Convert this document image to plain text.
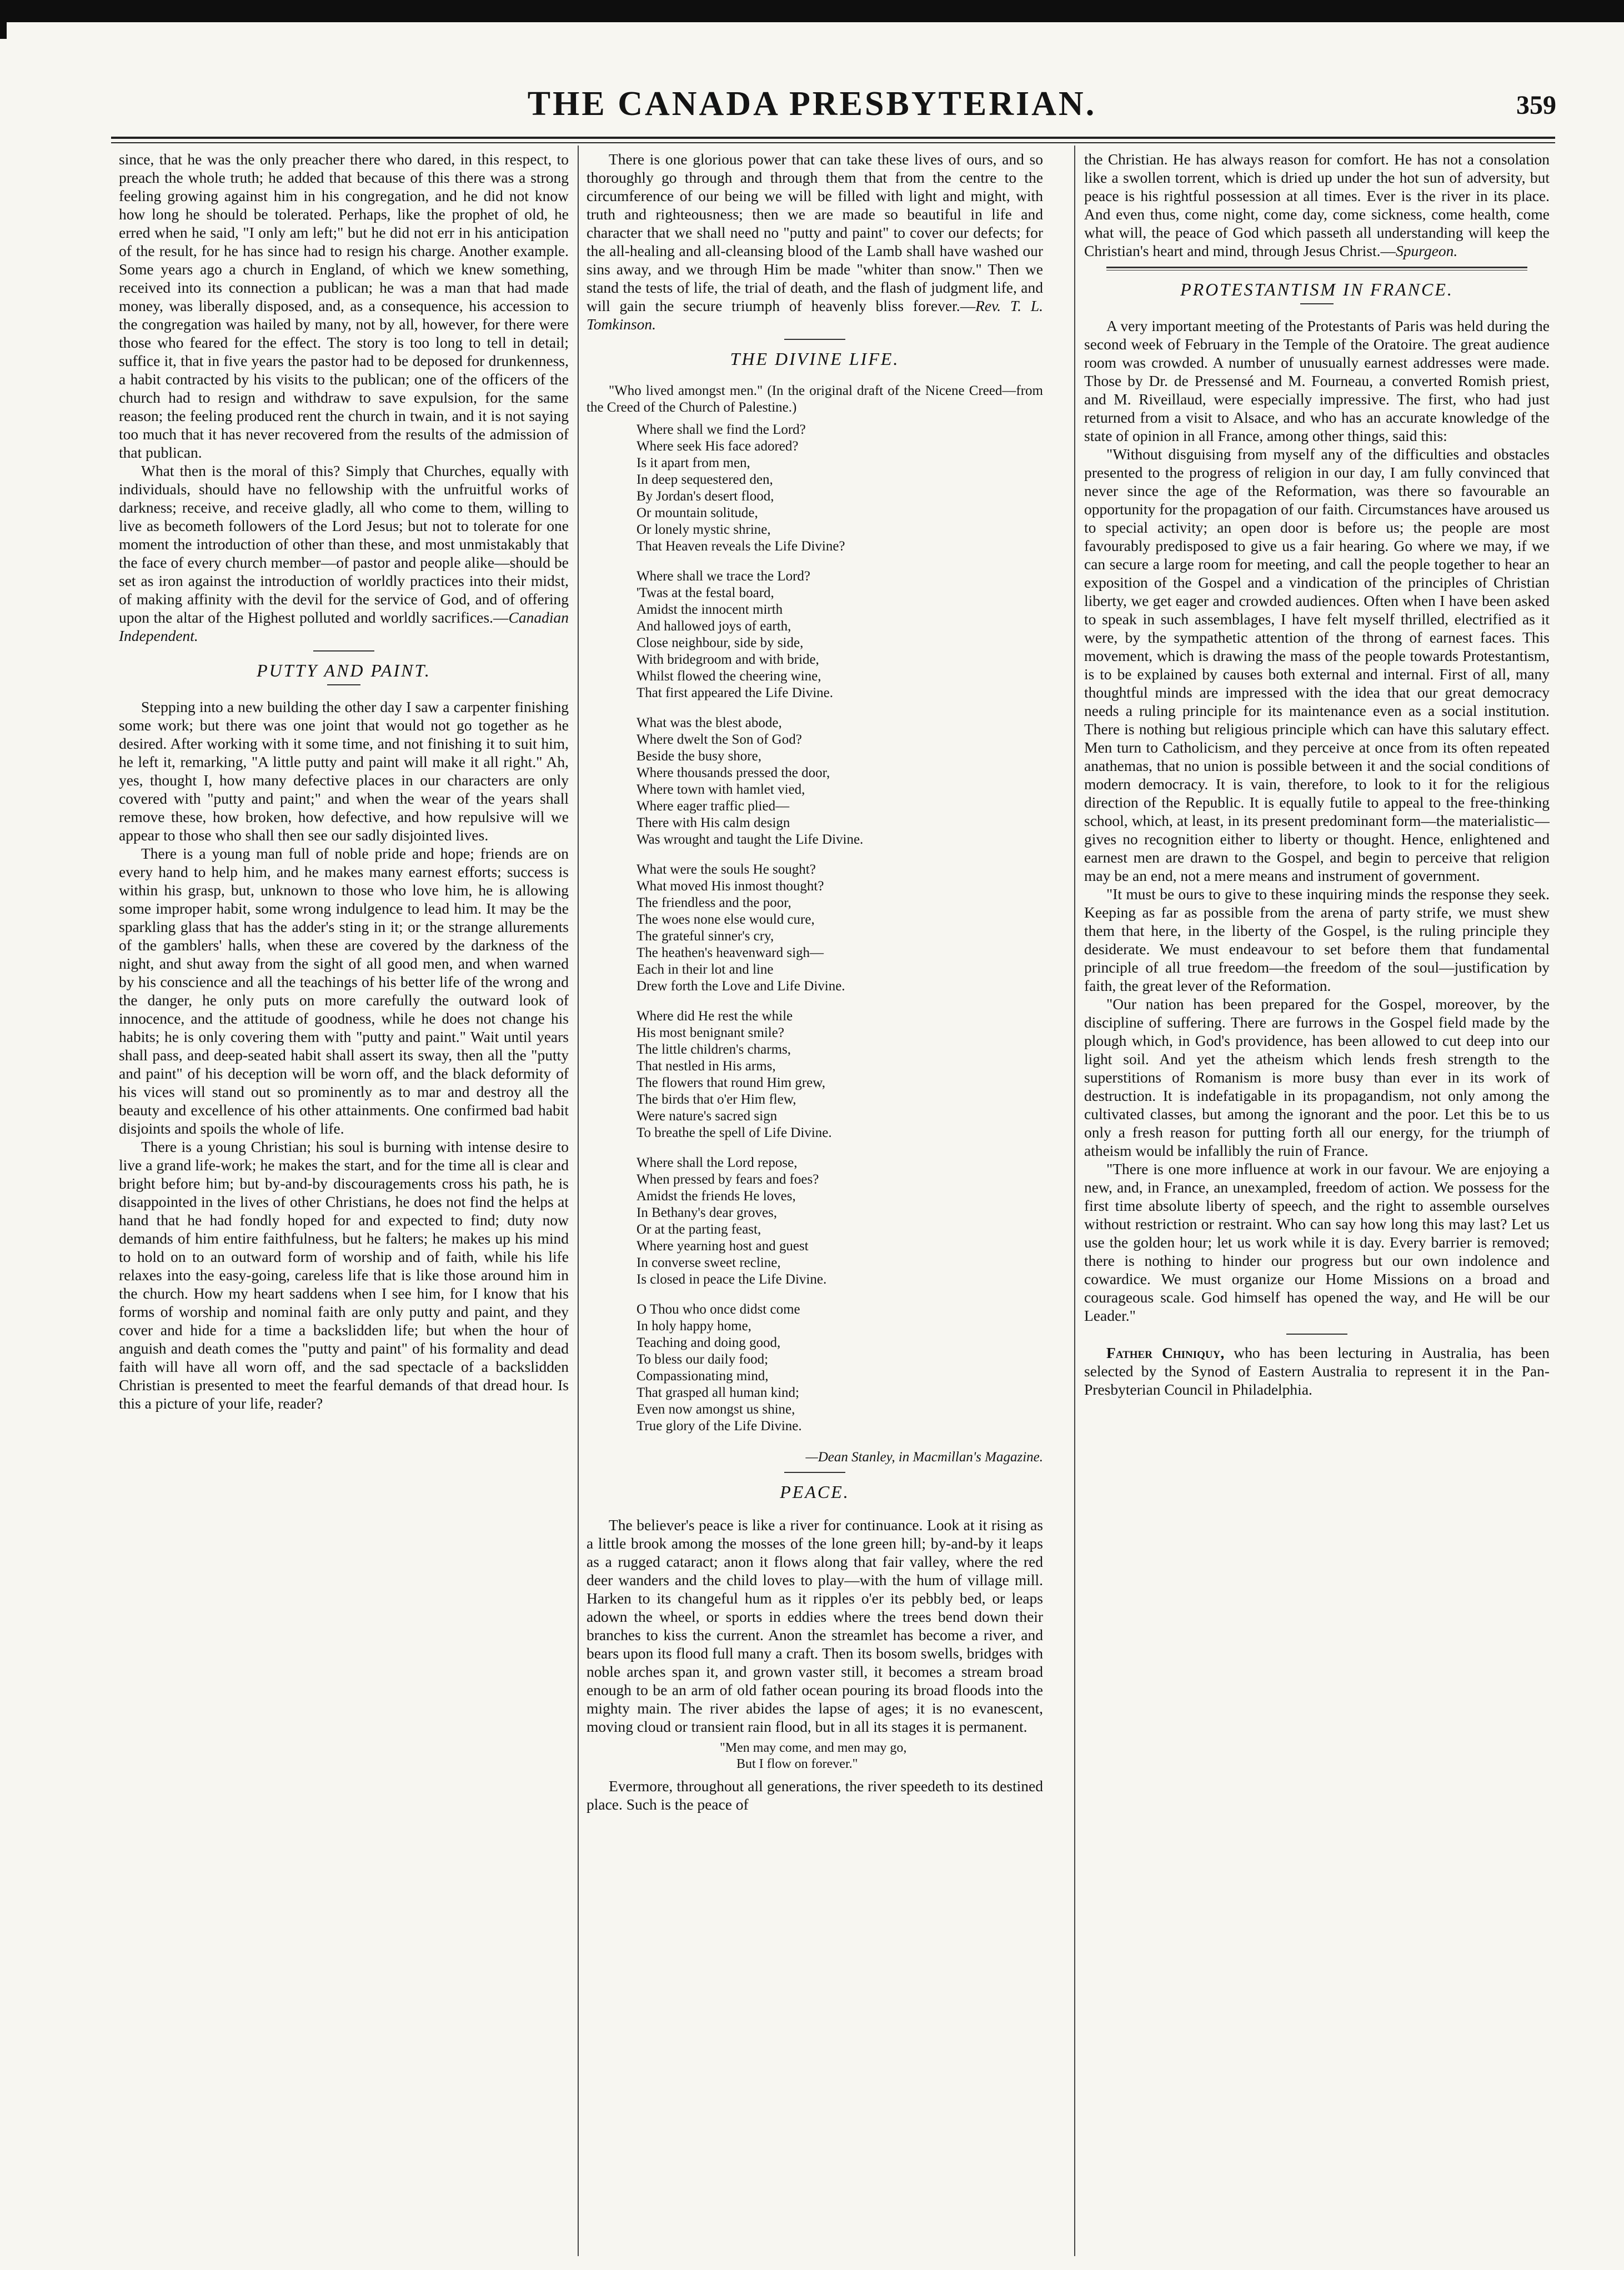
THE CANADA PRESBYTERIAN.	359

since, that he was the only preacher there who dared, in this respect, to preach the whole truth; he added that because of this there was a strong feeling growing against him in his congregation, and he did not know how long he should be tolerated. Perhaps, like the prophet of old, he erred when he said, "I only am left;" but he did not err in his anticipation of the result, for he has since had to resign his charge. Another example. Some years ago a church in England, of which we knew something, received into its connection a publican; he was a man that had made money, was liberally disposed, and, as a consequence, his accession to the congregation was hailed by many, not by all, however, for there were those who feared for the effect. The story is too long to tell in detail; suffice it, that in five years the pastor had to be deposed for drunkenness, a habit contracted by his visits to the publican; one of the officers of the church had to resign and withdraw to save expulsion, for the same reason; the feeling produced rent the church in twain, and it is not saying too much that it has never recovered from the results of the admission of that publican.

What then is the moral of this? Simply that Churches, equally with individuals, should have no fellowship with the unfruitful works of darkness; receive, and receive gladly, all who come to them, willing to live as becometh followers of the Lord Jesus; but not to tolerate for one moment the introduction of other than these, and most unmistakably that the face of every church member—of pastor and people alike—should be set as iron against the introduction of worldly practices into their midst, of making affinity with the devil for the service of God, and of offering upon the altar of the Highest polluted and worldly sacrifices.—Canadian Independent.

PUTTY AND PAINT.

Stepping into a new building the other day I saw a carpenter finishing some work; but there was one joint that would not go together as he desired. After working with it some time, and not finishing it to suit him, he left it, remarking, "A little putty and paint will make it all right." Ah, yes, thought I, how many defective places in our characters are only covered with "putty and paint;" and when the wear of the years shall remove these, how broken, how defective, and how repulsive will we appear to those who shall then see our sadly disjointed lives.

There is a young man full of noble pride and hope; friends are on every hand to help him, and he makes many earnest efforts; success is within his grasp, but, unknown to those who love him, he is allowing some improper habit, some wrong indulgence to lead him. It may be the sparkling glass that has the adder's sting in it; or the strange allurements of the gamblers' halls, when these are covered by the darkness of the night, and shut away from the sight of all good men, and when warned by his conscience and all the teachings of his better life of the wrong and the danger, he only puts on more carefully the outward look of innocence, and the attitude of goodness, while he does not change his habits; he is only covering them with "putty and paint." Wait until years shall pass, and deep-seated habit shall assert its sway, then all the "putty and paint" of his deception will be worn off, and the black deformity of his vices will stand out so prominently as to mar and destroy all the beauty and excellence of his other attainments. One confirmed bad habit disjoints and spoils the whole of life.

There is a young Christian; his soul is burning with intense desire to live a grand life-work; he makes the start, and for the time all is clear and bright before him; but by-and-by discouragements cross his path, he is disappointed in the lives of other Christians, he does not find the helps at hand that he had fondly hoped for and expected to find; duty now demands of him entire faithfulness, but he falters; he makes up his mind to hold on to an outward form of worship and of faith, while his life relaxes into the easy-going, careless life that is like those around him in the church. How my heart saddens when I see him, for I know that his forms of worship and nominal faith are only putty and paint, and they cover and hide for a time a backslidden life; but when the hour of anguish and death comes the "putty and paint" of his formality and dead faith will have all worn off, and the sad spectacle of a backslidden Christian is presented to meet the fearful demands of that dread hour. Is this a picture of your life, reader?

There is one glorious power that can take these lives of ours, and so thoroughly go through and through them that from the centre to the circumference of our being we will be filled with light and might, with truth and righteousness; then we are made so beautiful in life and character that we shall need no "putty and paint" to cover our defects; for the all-healing and all-cleansing blood of the Lamb shall have washed our sins away, and we through Him be made "whiter than snow." Then we stand the tests of life, the trial of death, and the flash of judgment life, and will gain the secure triumph of heavenly bliss forever.—Rev. T. L. Tomkinson.

THE DIVINE LIFE.

"Who lived amongst men." (In the original draft of the Nicene Creed—from the Creed of the Church of Palestine.)

Where shall we find the Lord?
Where seek His face adored?
Is it apart from men,
In deep sequestered den,
By Jordan's desert flood,
Or mountain solitude,
Or lonely mystic shrine,
That Heaven reveals the Life Divine?
Where shall we trace the Lord?
'Twas at the festal board,
Amidst the innocent mirth
And hallowed joys of earth,
Close neighbour, side by side,
With bridegroom and with bride,
Whilst flowed the cheering wine,
That first appeared the Life Divine.
What was the blest abode,
Where dwelt the Son of God?
Beside the busy shore,
Where thousands pressed the door,
Where town with hamlet vied,
Where eager traffic plied—
There with His calm design
Was wrought and taught the Life Divine.
What were the souls He sought?
What moved His inmost thought?
The friendless and the poor,
The woes none else would cure,
The grateful sinner's cry,
The heathen's heavenward sigh—
Each in their lot and line
Drew forth the Love and Life Divine.
Where did He rest the while
His most benignant smile?
The little children's charms,
That nestled in His arms,
The flowers that round Him grew,
The birds that o'er Him flew,
Were nature's sacred sign
To breathe the spell of Life Divine.
Where shall the Lord repose,
When pressed by fears and foes?
Amidst the friends He loves,
In Bethany's dear groves,
Or at the parting feast,
Where yearning host and guest
In converse sweet recline,
Is closed in peace the Life Divine.
O Thou who once didst come
In holy happy home,
Teaching and doing good,
To bless our daily food;
Compassionating mind,
That grasped all human kind;
Even now amongst us shine,
True glory of the Life Divine.

—Dean Stanley, in Macmillan's Magazine.

PEACE.

The believer's peace is like a river for continuance. Look at it rising as a little brook among the mosses of the lone green hill; by-and-by it leaps as a rugged cataract; anon it flows along that fair valley, where the red deer wanders and the child loves to play—with the hum of village mill. Harken to its changeful hum as it ripples o'er its pebbly bed, or leaps adown the wheel, or sports in eddies where the trees bend down their branches to kiss the current. Anon the streamlet has become a river, and bears upon its flood full many a craft. Then its bosom swells, bridges with noble arches span it, and grown vaster still, it becomes a stream broad enough to be an arm of old father ocean pouring its broad floods into the mighty main. The river abides the lapse of ages; it is no evanescent, moving cloud or transient rain flood, but in all its stages it is permanent.

"Men may come, and men may go,
But I flow on forever."

Evermore, throughout all generations, the river speedeth to its destined place. Such is the peace of

the Christian. He has always reason for comfort. He has not a consolation like a swollen torrent, which is dried up under the hot sun of adversity, but peace is his rightful possession at all times. Ever is the river in its place. And even thus, come night, come day, come sickness, come health, come what will, the peace of God which passeth all understanding will keep the Christian's heart and mind, through Jesus Christ.—Spurgeon.

PROTESTANTISM IN FRANCE.

A very important meeting of the Protestants of Paris was held during the second week of February in the Temple of the Oratoire. The great audience room was crowded. A number of unusually earnest addresses were made. Those by Dr. de Pressensé and M. Fourneau, a converted Romish priest, and M. Riveillaud, were especially impressive. The first, who had just returned from a visit to Alsace, and who has an accurate knowledge of the state of opinion in all France, among other things, said this:

"Without disguising from myself any of the difficulties and obstacles presented to the progress of religion in our day, I am fully convinced that never since the age of the Reformation, was there so favourable an opportunity for the propagation of our faith. Circumstances have aroused us to special activity; an open door is before us; the people are most favourably predisposed to give us a fair hearing. Go where we may, if we can secure a large room for meeting, and call the people together to hear an exposition of the Gospel and a vindication of the principles of Christian liberty, we get eager and crowded audiences. Often when I have been asked to speak in such assemblages, I have felt myself thrilled, electrified as it were, by the sympathetic attention of the throng of earnest faces. This movement, which is drawing the mass of the people towards Protestantism, is to be explained by causes both external and internal. First of all, many thoughtful minds are impressed with the idea that our great democracy needs a ruling principle for its maintenance even as a social institution. There is nothing but religious principle which can have this salutary effect. Men turn to Catholicism, and they perceive at once from its often repeated anathemas, that no union is possible between it and the social conditions of modern democracy. It is vain, therefore, to look to it for the religious direction of the Republic. It is equally futile to appeal to the free-thinking school, which, at least, in its present predominant form—the materialistic—gives no recognition either to liberty or thought. Hence, enlightened and earnest men are drawn to the Gospel, and begin to perceive that religion may be an end, not a mere means and instrument of government.

"It must be ours to give to these inquiring minds the response they seek. Keeping as far as possible from the arena of party strife, we must shew them that here, in the liberty of the Gospel, is the ruling principle they desiderate. We must endeavour to set before them that fundamental principle of all true freedom—the freedom of the soul—justification by faith, the great lever of the Reformation.

"Our nation has been prepared for the Gospel, moreover, by the discipline of suffering. There are furrows in the Gospel field made by the plough which, in God's providence, has been allowed to cut deep into our light soil. And yet the atheism which lends fresh strength to the superstitions of Romanism is more busy than ever in its work of destruction. It is indefatigable in its propagandism, not only among the cultivated classes, but among the ignorant and the poor. Let this be to us only a fresh reason for putting forth all our energy, for the triumph of atheism would be infallibly the ruin of France.

"There is one more influence at work in our favour. We are enjoying a new, and, in France, an unexampled, freedom of action. We possess for the first time absolute liberty of speech, and the right to assemble ourselves without restriction or restraint. Who can say how long this may last? Let us use the golden hour; let us work while it is day. Every barrier is removed; there is nothing to hinder our progress but our own indolence and cowardice. We must organize our Home Missions on a broad and courageous scale. God himself has opened the way, and He will be our Leader."

Father Chiniquy, who has been lecturing in Australia, has been selected by the Synod of Eastern Australia to represent it in the Pan-Presbyterian Council in Philadelphia.
